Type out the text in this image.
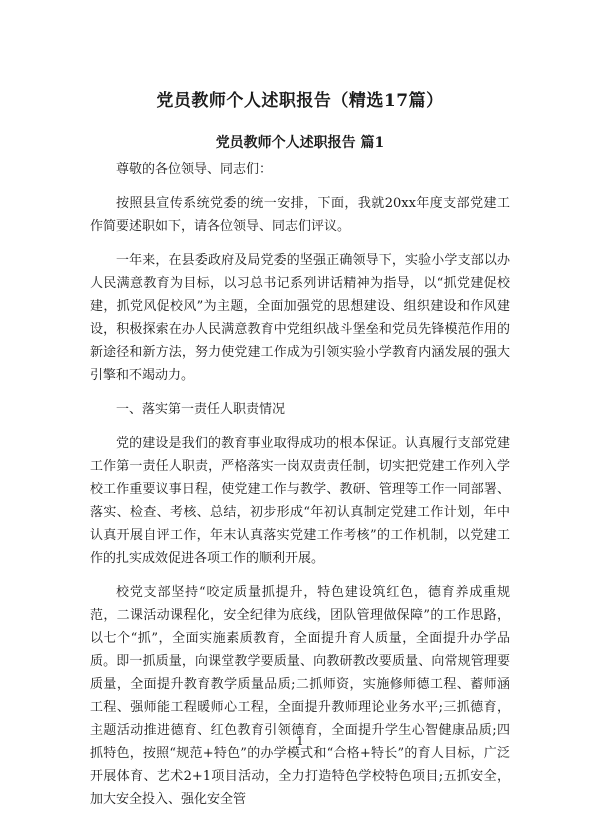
党员教师个人述职报告（精选17篇）
党员教师个人述职报告 篇1

尊敬的各位领导、同志们：

按照县宣传系统党委的统一安排，下面，我就20xx年度支部党建工作简要述职如下，请各位领导、同志们评议。

一年来，在县委政府及局党委的坚强正确领导下，实验小学支部以办人民满意教育为目标，以习总书记系列讲话精神为指导，以“抓党建促校建，抓党风促校风”为主题，全面加强党的思想建设、组织建设和作风建设，积极探索在办人民满意教育中党组织战斗堡垒和党员先锋模范作用的新途径和新方法，努力使党建工作成为引领实验小学教育内涵发展的强大引擎和不竭动力。

一、落实第一责任人职责情况

党的建设是我们的教育事业取得成功的根本保证。认真履行支部党建工作第一责任人职责，严格落实一岗双责责任制，切实把党建工作列入学校工作重要议事日程，使党建工作与教学、教研、管理等工作一同部署、落实、检查、考核、总结，初步形成“年初认真制定党建工作计划，年中认真开展自评工作，年末认真落实党建工作考核”的工作机制，以党建工作的扎实成效促进各项工作的顺利开展。

校党支部坚持“咬定质量抓提升，特色建设筑红色，德育养成重规范，二课活动课程化，安全纪律为底线，团队管理做保障”的工作思路，以七个“抓”，全面实施素质教育，全面提升育人质量，全面提升办学品质。即一抓质量，向课堂教学要质量、向教研教改要质量、向常规管理要质量，全面提升教育教学质量品质;二抓师资，实施修师德工程、蓄师涵工程、强师能工程暖师心工程，全面提升教师理论业务水平;三抓德育，主题活动推进德育、红色教育引领德育，全面提升学生心智健康品质;四抓特色，按照“规范+特色”的办学模式和“合格+特长”的育人目标，广泛开展体育、艺术2+1项目活动，全力打造特色学校特色项目;五抓安全，加大安全投入、强化安全管

1
